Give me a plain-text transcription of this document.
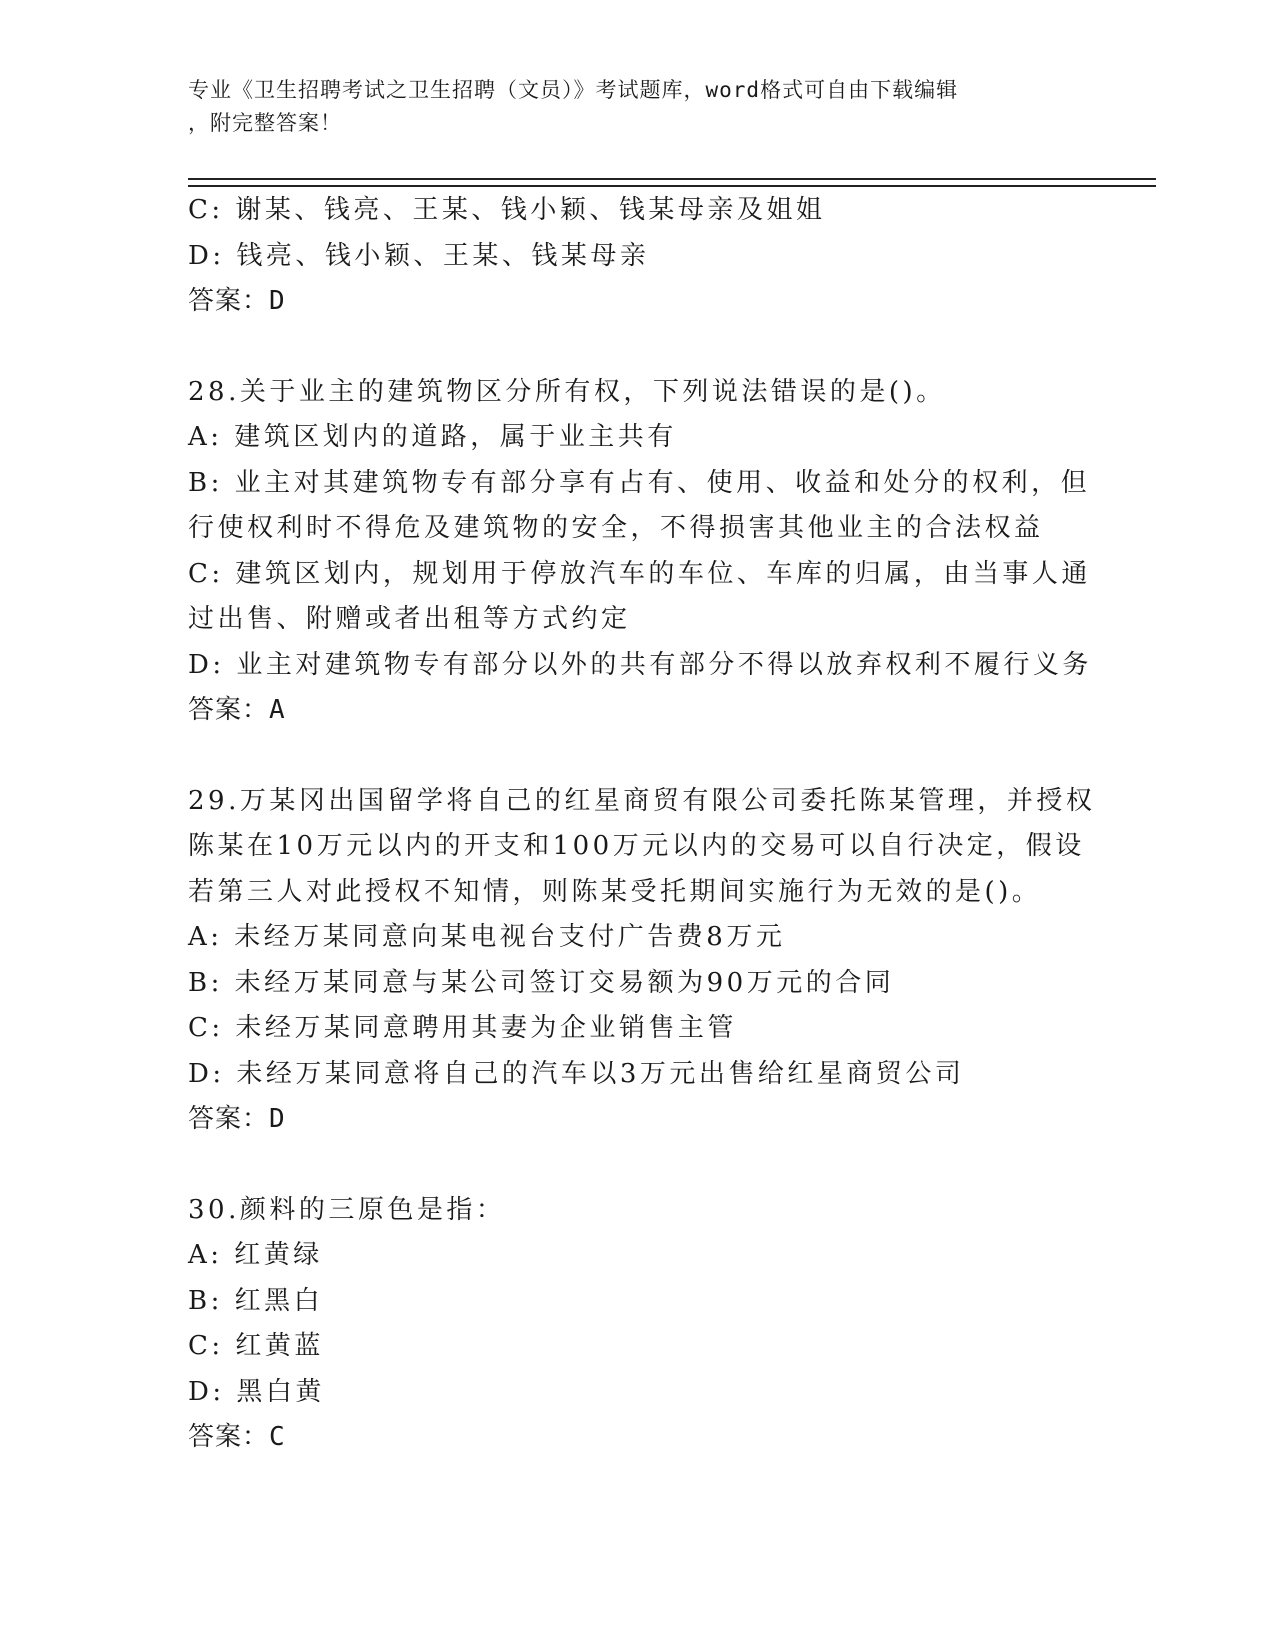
专业《卫生招聘考试之卫生招聘（文员）》考试题库，word格式可自由下载编辑
，附完整答案！
C: 谢某、钱亮、王某、钱小颖、钱某母亲及姐姐
D: 钱亮、钱小颖、王某、钱某母亲
答案：D
28.关于业主的建筑物区分所有权，下列说法错误的是()。
A: 建筑区划内的道路，属于业主共有
B: 业主对其建筑物专有部分享有占有、使用、收益和处分的权利，但
行使权利时不得危及建筑物的安全，不得损害其他业主的合法权益
C: 建筑区划内，规划用于停放汽车的车位、车库的归属，由当事人通
过出售、附赠或者出租等方式约定
D: 业主对建筑物专有部分以外的共有部分不得以放弃权利不履行义务
答案：A
29.万某冈出国留学将自己的红星商贸有限公司委托陈某管理，并授权
陈某在10万元以内的开支和100万元以内的交易可以自行决定，假设
若第三人对此授权不知情，则陈某受托期间实施行为无效的是()。
A: 未经万某同意向某电视台支付广告费8万元
B: 未经万某同意与某公司签订交易额为90万元的合同
C: 未经万某同意聘用其妻为企业销售主管
D: 未经万某同意将自己的汽车以3万元出售给红星商贸公司
答案：D
30.颜料的三原色是指：
A: 红黄绿
B: 红黑白
C: 红黄蓝
D: 黑白黄
答案：C
